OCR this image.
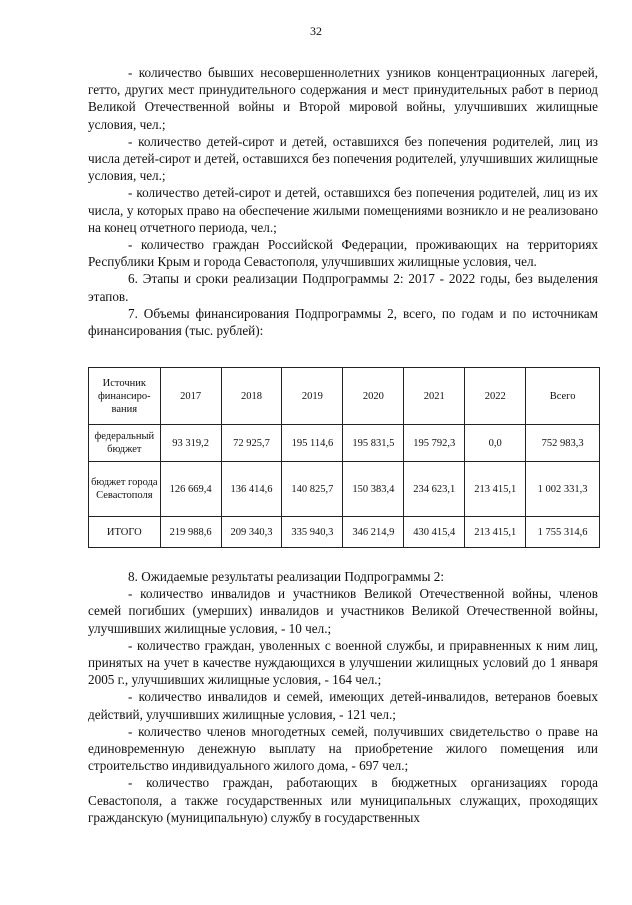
32

- количество бывших несовершеннолетних узников концентрационных лагерей, гетто, других мест принудительного содержания и мест принудительных работ в период Великой Отечественной войны и Второй мировой войны, улучшивших жилищные условия, чел.;

- количество детей-сирот и детей, оставшихся без попечения родителей, лиц из числа детей-сирот и детей, оставшихся без попечения родителей, улучшивших жилищные условия, чел.;

- количество детей-сирот и детей, оставшихся без попечения родителей, лиц из их числа, у которых право на обеспечение жилыми помещениями возникло и не реализовано на конец отчетного периода, чел.;

- количество граждан Российской Федерации, проживающих на территориях Республики Крым и города Севастополя, улучшивших жилищные условия, чел.

6. Этапы и сроки реализации Подпрограммы 2: 2017 - 2022 годы, без выделения этапов.

7. Объемы финансирования Подпрограммы 2, всего, по годам и по источникам финансирования (тыс. рублей):

Источник финансиро-вания	2017	2018	2019	2020	2021	2022	Всего
федеральный бюджет	93 319,2	72 925,7	195 114,6	195 831,5	195 792,3	0,0	752 983,3
бюджет города Севастополя	126 669,4	136 414,6	140 825,7	150 383,4	234 623,1	213 415,1	1 002 331,3
ИТОГО	219 988,6	209 340,3	335 940,3	346 214,9	430 415,4	213 415,1	1 755 314,6

8. Ожидаемые результаты реализации Подпрограммы 2:

- количество инвалидов и участников Великой Отечественной войны, членов семей погибших (умерших) инвалидов и участников Великой Отечественной войны, улучшивших жилищные условия, - 10 чел.;

- количество граждан, уволенных с военной службы, и приравненных к ним лиц, принятых на учет в качестве нуждающихся в улучшении жилищных условий до 1 января 2005 г., улучшивших жилищные условия, - 164 чел.;

- количество инвалидов и семей, имеющих детей-инвалидов, ветеранов боевых действий, улучшивших жилищные условия, - 121 чел.;

- количество членов многодетных семей, получивших свидетельство о праве на единовременную денежную выплату на приобретение жилого помещения или строительство индивидуального жилого дома, - 697 чел.;

- количество граждан, работающих в бюджетных организациях города Севастополя, а также государственных или муниципальных служащих, проходящих гражданскую (муниципальную) службу в государственных
